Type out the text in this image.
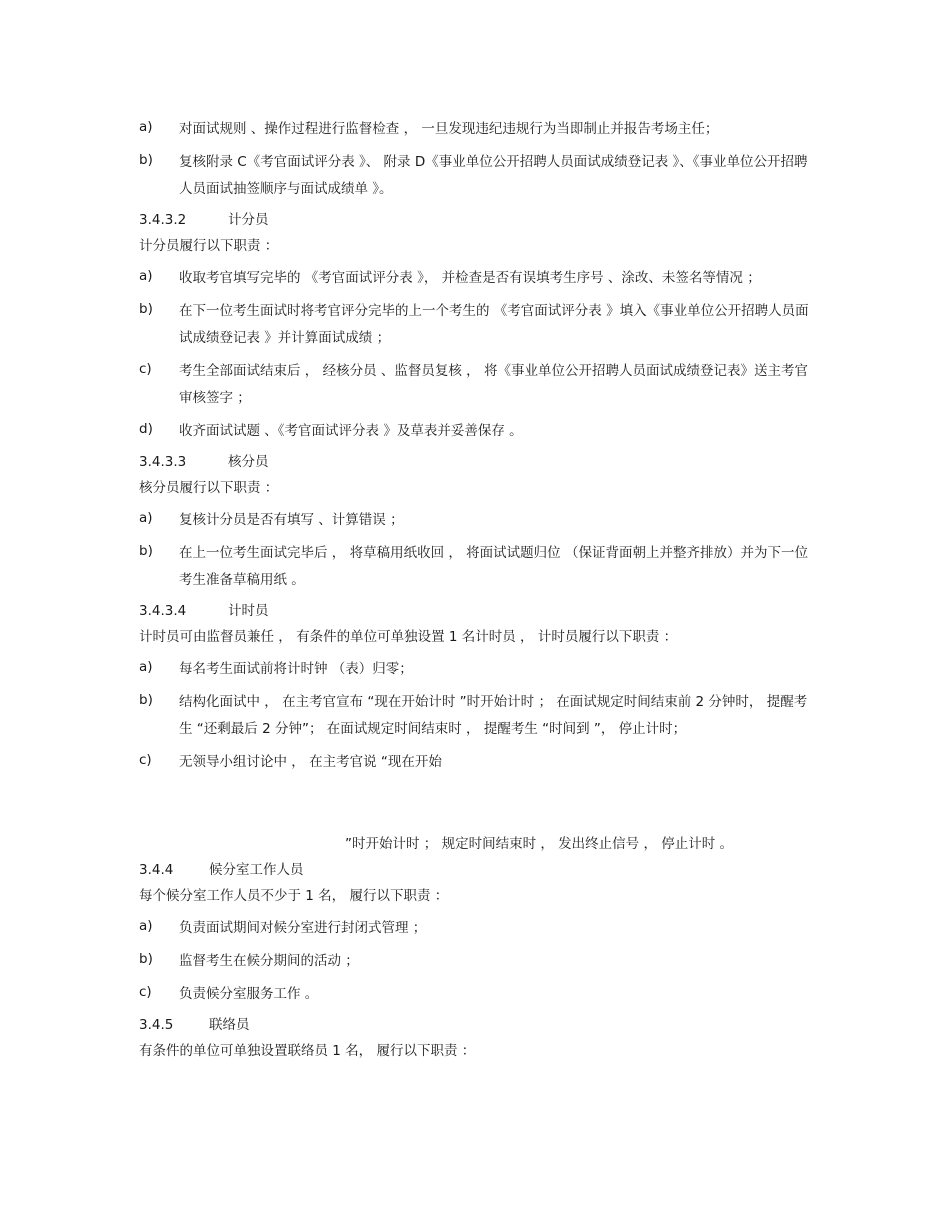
a)	对面试规则 、操作过程进行监督检查 ， 一旦发现违纪违规行为当即制止并报告考场主任；
b)	复核附录 C《考官面试评分表 》、 附录 D《事业单位公开招聘人员面试成绩登记表 》、《事业单位公开招聘人员面试抽签顺序与面试成绩单 》。
3.4.3.2	计分员
计分员履行以下职责 ：
a)	收取考官填写完毕的 《考官面试评分表 》， 并检查是否有误填考生序号 、涂改、未签名等情况 ；
b)	在下一位考生面试时将考官评分完毕的上一个考生的 《考官面试评分表 》填入《事业单位公开招聘人员面试成绩登记表 》并计算面试成绩 ；
c)	考生全部面试结束后 ， 经核分员 、监督员复核 ， 将《事业单位公开招聘人员面试成绩登记表》送主考官审核签字 ；
d)	收齐面试试题 、《考官面试评分表 》及草表并妥善保存 。
3.4.3.3	核分员
核分员履行以下职责 ：
a)	复核计分员是否有填写 、计算错误 ；
b)	在上一位考生面试完毕后 ， 将草稿用纸收回 ， 将面试试题归位 （保证背面朝上并整齐排放）并为下一位考生准备草稿用纸 。
3.4.3.4	计时员
计时员可由监督员兼任 ， 有条件的单位可单独设置 1 名计时员 ， 计时员履行以下职责 ：
a)	每名考生面试前将计时钟 （表）归零；
b)	结构化面试中 ， 在主考官宣布 “现在开始计时 ”时开始计时 ； 在面试规定时间结束前 2 分钟时， 提醒考生 “还剩最后 2 分钟”； 在面试规定时间结束时 ， 提醒考生 “时间到 ”， 停止计时；
c)	无领导小组讨论中 ， 在主考官说 “现在开始
”时开始计时 ； 规定时间结束时 ， 发出终止信号 ， 停止计时 。
3.4.4	候分室工作人员
每个候分室工作人员不少于 1 名， 履行以下职责 ：
a)	负责面试期间对候分室进行封闭式管理 ；
b)	监督考生在候分期间的活动 ；
c)	负责候分室服务工作 。
3.4.5	联络员
有条件的单位可单独设置联络员 1 名， 履行以下职责 ：
